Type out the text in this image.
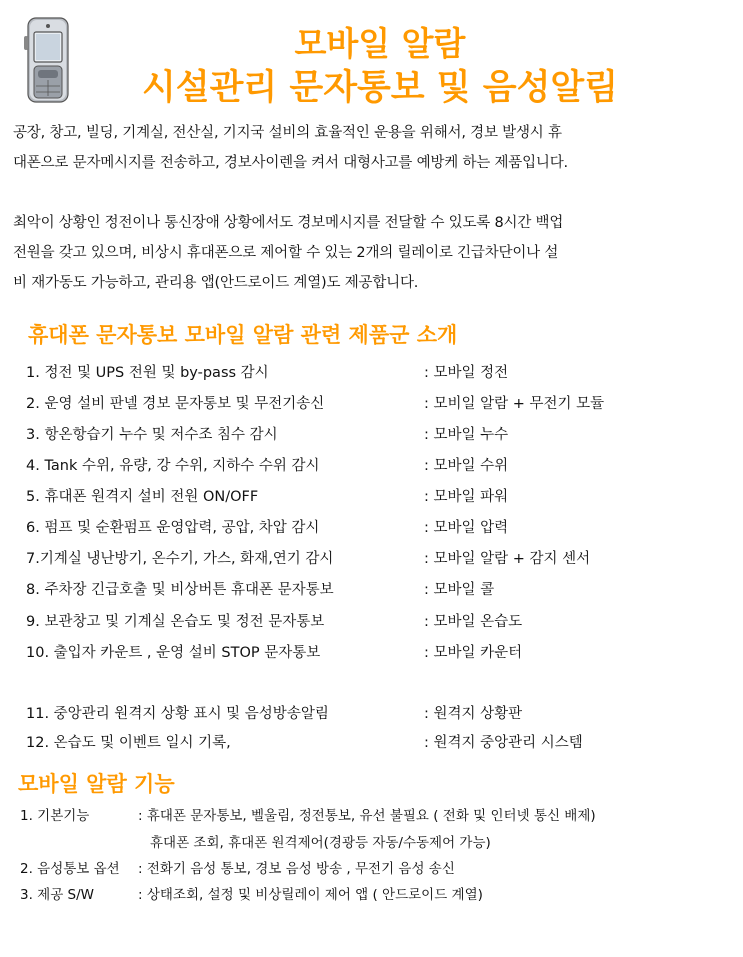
모바일 알람
시설관리 문자통보 및 음성알림
공장, 창고, 빌딩, 기계실, 전산실, 기지국 설비의 효율적인 운용을 위해서, 경보 발생시 휴
대폰으로 문자메시지를 전송하고, 경보사이렌을 켜서 대형사고를 예방케 하는 제품입니다.
최악이 상황인 정전이나 통신장애 상황에서도 경보메시지를 전달할 수 있도록 8시간 백업
전원을 갖고 있으며, 비상시 휴대폰으로 제어할 수 있는 2개의 릴레이로 긴급차단이나 설
비 재가동도 가능하고, 관리용 앱(안드로이드 계열)도 제공합니다.
휴대폰 문자통보 모바일 알람 관련 제품군 소개
1. 정전 및 UPS 전원 및 by-pass 감시	: 모바일 정전
2. 운영 설비 판넬 경보 문자통보 및 무전기송신	: 모비일 알람 + 무전기 모듈
3. 항온항습기 누수 및 저수조 침수 감시	: 모바일 누수
4. Tank 수위, 유량, 강 수위, 지하수 수위 감시	: 모바일 수위
5. 휴대폰 원격지 설비 전원 ON/OFF	: 모바일 파워
6. 펌프 및 순환펌프 운영압력, 공압, 차압 감시	: 모바일 압력
7.기계실 냉난방기, 온수기, 가스, 화재,연기 감시	: 모바일 알람 + 감지 센서
8. 주차장 긴급호출 및 비상버튼 휴대폰 문자통보	: 모바일 콜
9. 보관창고 및 기계실 온습도 및 정전 문자통보	: 모바일 온습도
10. 출입자 카운트 , 운영 설비 STOP 문자통보	: 모바일 카운터
11. 중앙관리 원격지 상황 표시 및 음성방송알림	: 원격지 상황판
12. 온습도 및 이벤트 일시 기록,	: 원격지 중앙관리 시스템
모바일 알람 기능
1. 기본기능	: 휴대폰 문자통보, 벨울림, 정전통보, 유선 불필요 ( 전화 및 인터넷 통신 배제)
휴대폰 조회, 휴대폰 원격제어(경광등 자동/수동제어 가능)
2. 음성통보 옵션 : 전화기 음성 통보, 경보 음성 방송 , 무전기 음성 송신
3. 제공 S/W	: 상태조회, 설정 및 비상릴레이 제어 앱 ( 안드로이드 계열)
